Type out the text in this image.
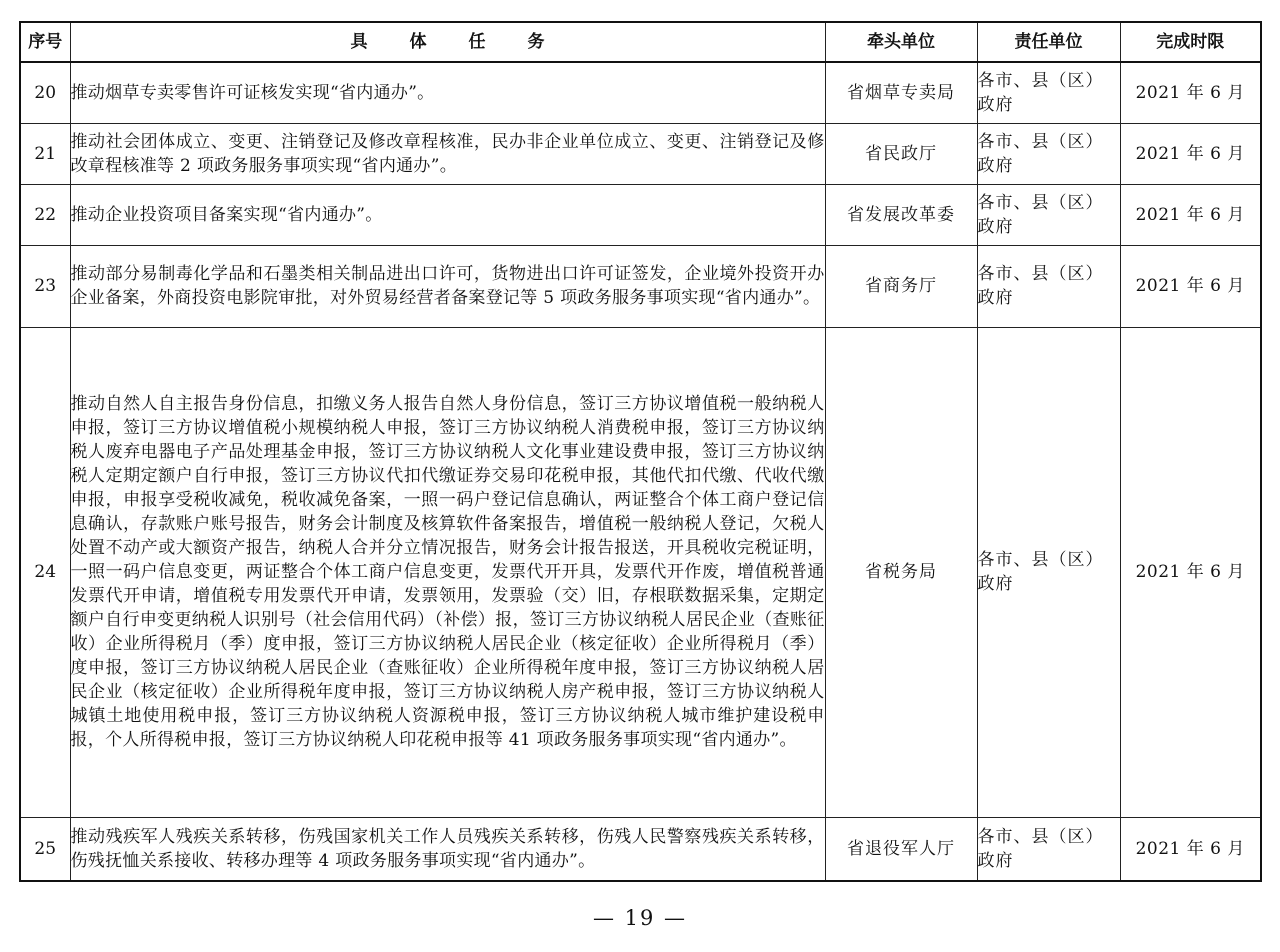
序号	具体任务	牵头单位	责任单位	完成时限
20	推动烟草专卖零售许可证核发实现“省内通办”。	省烟草专卖局	各市、县（区）政府	2021 年 6 月
21	推动社会团体成立、变更、注销登记及修改章程核准，民办非企业单位成立、变更、注销登记及修改章程核准等 2 项政务服务事项实现“省内通办”。	省民政厅	各市、县（区）政府	2021 年 6 月
22	推动企业投资项目备案实现“省内通办”。	省发展改革委	各市、县（区）政府	2021 年 6 月
23	推动部分易制毒化学品和石墨类相关制品进出口许可，货物进出口许可证签发，企业境外投资开办企业备案，外商投资电影院审批，对外贸易经营者备案登记等 5 项政务服务事项实现“省内通办”。	省商务厅	各市、县（区）政府	2021 年 6 月
24	推动自然人自主报告身份信息，扣缴义务人报告自然人身份信息，签订三方协议增值税一般纳税人申报，签订三方协议增值税小规模纳税人申报，签订三方协议纳税人消费税申报，签订三方协议纳税人废弃电器电子产品处理基金申报，签订三方协议纳税人文化事业建设费申报，签订三方协议纳税人定期定额户自行申报，签订三方协议代扣代缴证券交易印花税申报，其他代扣代缴、代收代缴申报，申报享受税收减免，税收减免备案，一照一码户登记信息确认，两证整合个体工商户登记信息确认，存款账户账号报告，财务会计制度及核算软件备案报告，增值税一般纳税人登记，欠税人处置不动产或大额资产报告，纳税人合并分立情况报告，财务会计报告报送，开具税收完税证明，一照一码户信息变更，两证整合个体工商户信息变更，发票代开开具，发票代开作废，增值税普通发票代开申请，增值税专用发票代开申请，发票领用，发票验（交）旧，存根联数据采集，定期定额户自行申变更纳税人识别号（社会信用代码）（补偿）报，签订三方协议纳税人居民企业（查账征收）企业所得税月（季）度申报，签订三方协议纳税人居民企业（核定征收）企业所得税月（季）度申报，签订三方协议纳税人居民企业（查账征收）企业所得税年度申报，签订三方协议纳税人居民企业（核定征收）企业所得税年度申报，签订三方协议纳税人房产税申报，签订三方协议纳税人城镇土地使用税申报，签订三方协议纳税人资源税申报，签订三方协议纳税人城市维护建设税申报，个人所得税申报，签订三方协议纳税人印花税申报等 41 项政务服务事项实现“省内通办”。	省税务局	各市、县（区）政府	2021 年 6 月
25	推动残疾军人残疾关系转移，伤残国家机关工作人员残疾关系转移，伤残人民警察残疾关系转移，伤残抚恤关系接收、转移办理等 4 项政务服务事项实现“省内通办”。	省退役军人厅	各市、县（区）政府	2021 年 6 月
— 19 —
